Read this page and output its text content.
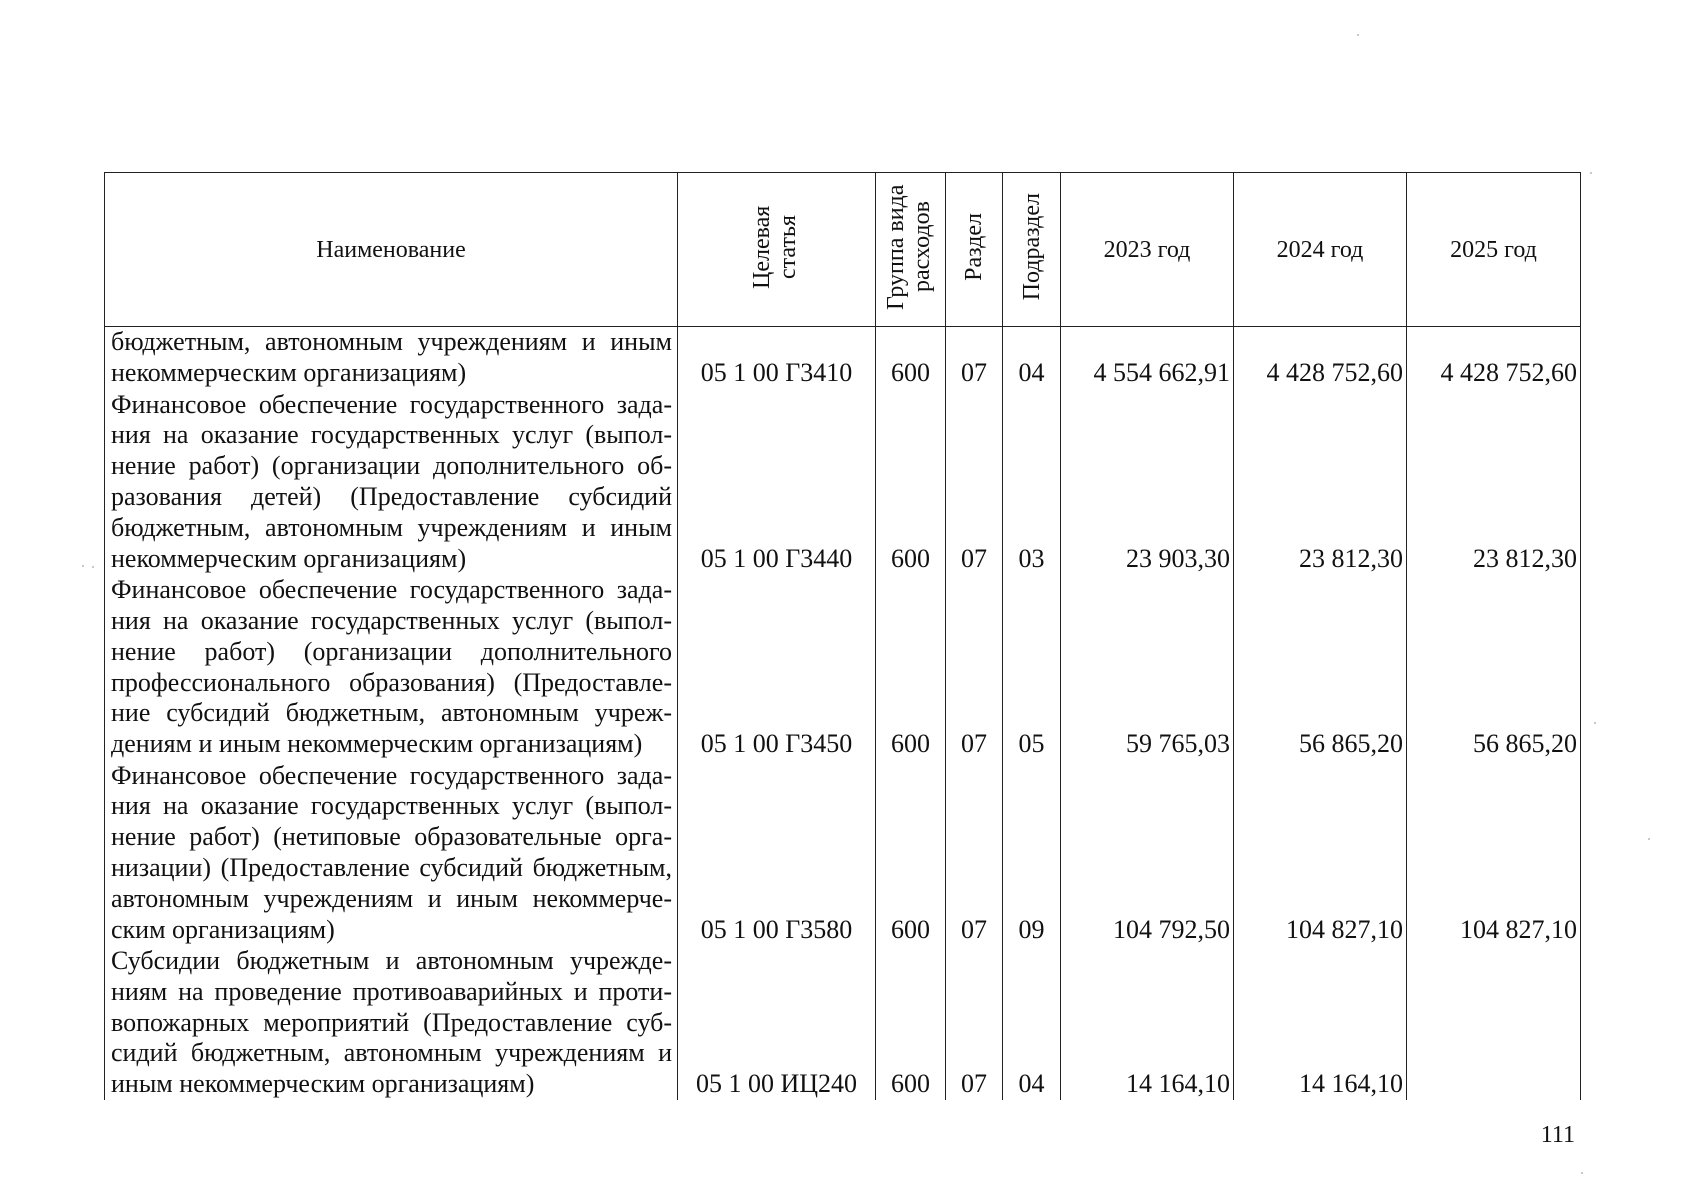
Наименование	Целевая статья	Группа вида расходов	Раздел	Подраздел	2023 год	2024 год	2025 год
бюджетным, автономным учреждениям и иным некоммерческим организациям)	05 1 00 Г3410	600	07	04	4 554 662,91	4 428 752,60	4 428 752,60
Финансовое обеспечение государственного задания на оказание государственных услуг (выполнение работ) (организации дополнительного образования детей) (Предоставление субсидий бюджетным, автономным учреждениям и иным некоммерческим организациям)	05 1 00 Г3440	600	07	03	23 903,30	23 812,30	23 812,30
Финансовое обеспечение государственного задания на оказание государственных услуг (выполнение работ) (организации дополнительного профессионального образования) (Предоставление субсидий бюджетным, автономным учреждениям и иным некоммерческим организациям)	05 1 00 Г3450	600	07	05	59 765,03	56 865,20	56 865,20
Финансовое обеспечение государственного задания на оказание государственных услуг (выполнение работ) (нетиповые образовательные организации) (Предоставление субсидий бюджетным, автономным учреждениям и иным некоммерческим организациям)	05 1 00 Г3580	600	07	09	104 792,50	104 827,10	104 827,10
Субсидии бюджетным и автономным учреждениям на проведение противоаварийных и противопожарных мероприятий (Предоставление субсидий бюджетным, автономным учреждениям и иным некоммерческим организациям)	05 1 00 ИЦ240	600	07	04	14 164,10	14 164,10	
111
